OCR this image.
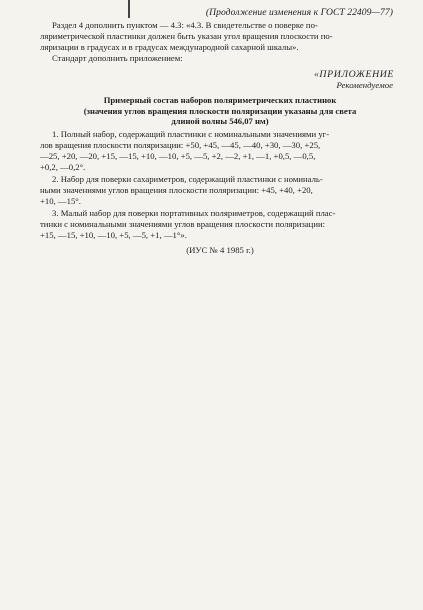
(Продолжение изменения к ГОСТ 22409—77)
Раздел 4 дополнить пунктом — 4.3: «4.3. В свидетельстве о поверке по-
ляриметрической пластинки должен быть указан угол вращения плоскости по-
ляризации в градусах и в градусах международной сахарной шкалы».
Стандарт дополнить приложением:
«ПРИЛОЖЕНИЕ
Рекомендуемое
Примерный состав наборов поляриметрических пластинок
(значения углов вращения плоскости поляризации указаны для света
длиной волны 546,07 нм)
1. Полный набор, содержащий пластинки с номинальными значениями уг-
лов вращения плоскости поляризации: +50, +45, —45, —40, +30, —30, +25,
—25, +20, —20, +15, —15, +10, —10, +5, —5, +2, —2, +1, —1, +0,5, —0,5,
+0,2, —0,2°.
2. Набор для поверки сахариметров, содержащий пластинки с номиналь-
ными значениями углов вращения плоскости поляризации: +45, +40, +20,
+10, —15°.
3. Малый набор для поверки портативных поляриметров, содержащий плас-
тинки с номинальными значениями углов вращения плоскости поляризации:
+15, —15, +10, —10, +5, —5, +1, —1°».
(ИУС № 4 1985 г.)
